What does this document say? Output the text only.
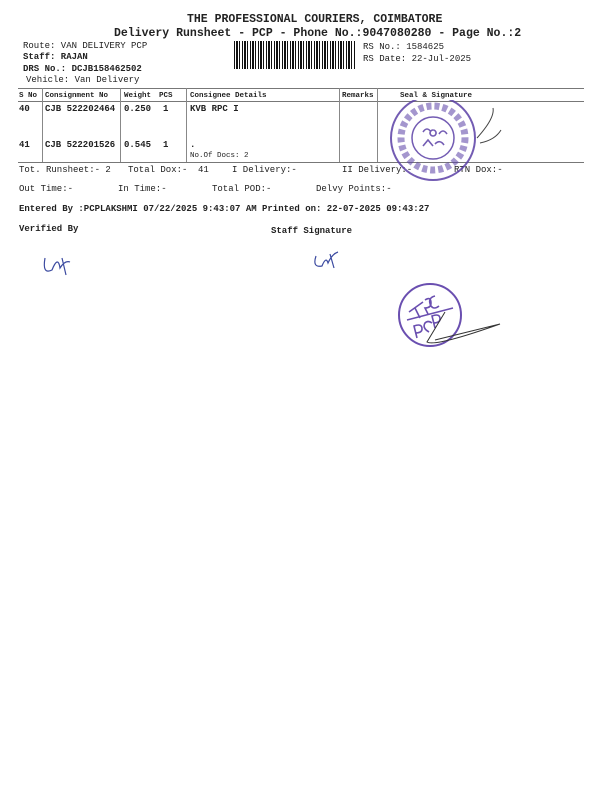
THE PROFESSIONAL COURIERS, COIMBATORE
Delivery Runsheet - PCP - Phone No.:9047080280 - Page No.:2
Route: VAN DELIVERY PCP
Staff: RAJAN
DRS No.: DCJB158462502
Vehicle: Van Delivery
RS No.: 1584625
RS Date: 22-Jul-2025
S No Consignment No Weight PCS Consignee Details	Remarks	Seal & Signature
40 CJB 522202464 0.250 1 KVB RPC I
41 CJB 522201526 0.545 1 .
No.Of Docs: 2
Tot. Runsheet:- 2 Total Dox:- 41	I Delivery:-	II Delivery:-	RTN Dox:-
Out Time:-	In Time:-	Total POD:-	Delvy Points:-
Entered By :PCPLAKSHMI 07/22/2025 9:43:07 AM Printed on: 22-07-2025 09:43:27
Verified By	Staff Signature
